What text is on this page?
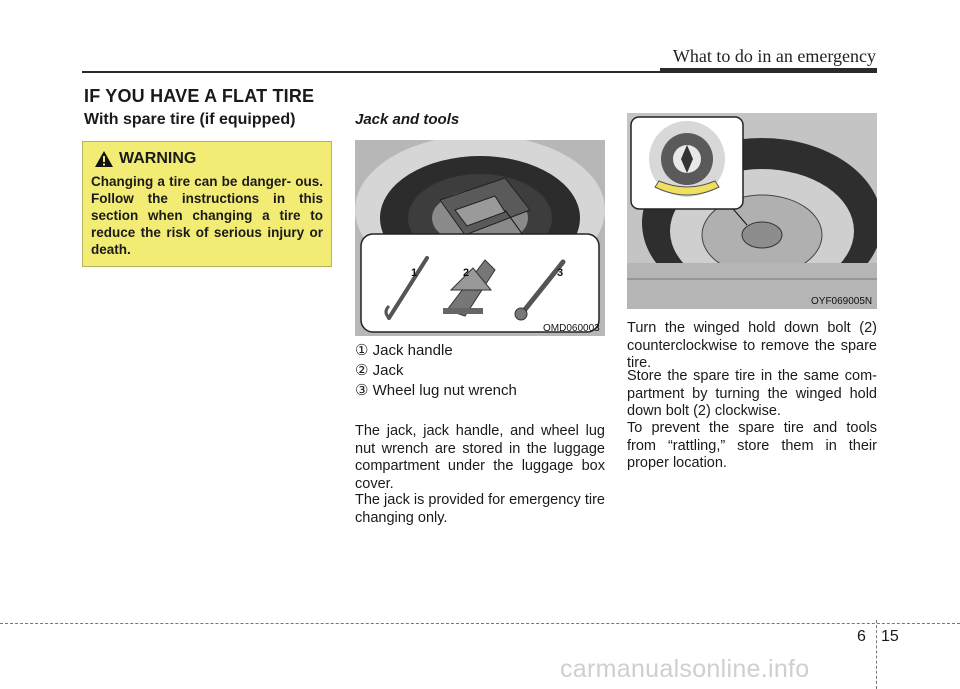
What to do in an emergency
IF YOU HAVE A FLAT TIRE
With spare tire (if equipped)
WARNING
Changing a tire can be danger- ous. Follow the instructions in this section when changing a tire to reduce the risk of serious injury or death.
Jack and tools
1	2	3
OMD060003
① Jack handle
② Jack
③ Wheel lug nut wrench
The jack, jack handle, and wheel lug nut wrench are stored in the luggage compartment under the luggage box cover.
The jack is provided for emergency tire changing only.
OYF069005N
Turn the winged hold down bolt (2) counterclockwise to remove the spare tire.
Store the spare tire in the same com- partment by turning the winged hold down bolt (2) clockwise.
To prevent the spare tire and tools from “rattling,” store them in their proper location.
6 15
carmanualsonline.info
